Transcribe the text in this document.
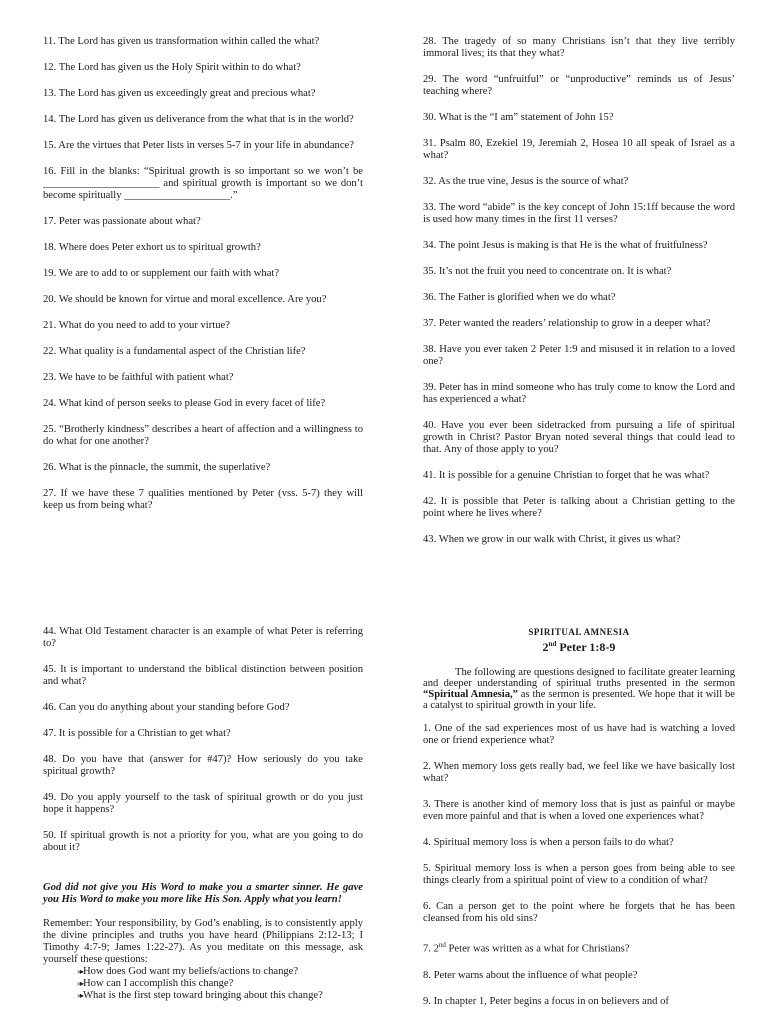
11. The Lord has given us transformation within called the what?

12. The Lord has given us the Holy Spirit within to do what?

13. The Lord has given us exceedingly great and precious what?

14. The Lord has given us deliverance from the what that is in the world?

15. Are the virtues that Peter lists in verses 5-7 in your life in abundance?

16. Fill in the blanks: “Spiritual growth is so important so we won’t be ______________________ and spiritual growth is important so we don’t become spiritually ____________________.”

17. Peter was passionate about what?

18. Where does Peter exhort us to spiritual growth?

19. We are to add to or supplement our faith with what?

20. We should be known for virtue and moral excellence. Are you?

21. What do you need to add to your virtue?

22. What quality is a fundamental aspect of the Christian life?

23. We have to be faithful with patient what?

24. What kind of person seeks to please God in every facet of life?

25. “Brotherly kindness” describes a heart of affection and a willingness to do what for one another?

26. What is the pinnacle, the summit, the superlative?

27. If we have these 7 qualities mentioned by Peter (vss. 5-7) they will keep us from being what?

28. The tragedy of so many Christians isn’t that they live terribly immoral lives; its that they what?

29. The word “unfruitful” or “unproductive” reminds us of Jesus’ teaching where?

30. What is the “I am” statement of John 15?

31. Psalm 80, Ezekiel 19, Jeremiah 2, Hosea 10 all speak of Israel as a what?

32. As the true vine, Jesus is the source of what?

33. The word “abide” is the key concept of John 15:1ff because the word is used how many times in the first 11 verses?

34. The point Jesus is making is that He is the what of fruitfulness?

35. It’s not the fruit you need to concentrate on. It is what?

36. The Father is glorified when we do what?

37. Peter wanted the readers’ relationship to grow in a deeper what?

38. Have you ever taken 2 Peter 1:9 and misused it in relation to a loved one?

39. Peter has in mind someone who has truly come to know the Lord and has experienced a what?

40. Have you ever been sidetracked from pursuing a life of spiritual growth in Christ? Pastor Bryan noted several things that could lead to that. Any of those apply to you?

41. It is possible for a genuine Christian to forget that he was what?

42. It is possible that Peter is talking about a Christian getting to the point where he lives where?

43. When we grow in our walk with Christ, it gives us what?

44. What Old Testament character is an example of what Peter is referring to?

45. It is important to understand the biblical distinction between position and what?

46. Can you do anything about your standing before God?

47. It is possible for a Christian to get what?

48. Do you have that (answer for #47)? How seriously do you take spiritual growth?

49. Do you apply yourself to the task of spiritual growth or do you just hope it happens?

50. If spiritual growth is not a priority for you, what are you going to do about it?

God did not give you His Word to make you a smarter sinner. He gave you His Word to make you more like His Son. Apply what you learn!

Remember: Your responsibility, by God’s enabling, is to consistently apply the divine principles and truths you have heard (Philippians 2:12-13; I Timothy 4:7-9; James 1:22-27). As you meditate on this message, ask yourself these questions:

»▸ How does God want my beliefs/actions to change?
»▸ How can I accomplish this change?
»▸ What is the first step toward bringing about this change?

SPIRITUAL AMNESIA

2nd Peter 1:8-9

The following are questions designed to facilitate greater learning and deeper understanding of spiritual truths presented in the sermon “Spiritual Amnesia,” as the sermon is presented. We hope that it will be a catalyst to spiritual growth in your life.

1. One of the sad experiences most of us have had is watching a loved one or friend experience what?

2. When memory loss gets really bad, we feel like we have basically lost what?

3. There is another kind of memory loss that is just as painful or maybe even more painful and that is when a loved one experiences what?

4. Spiritual memory loss is when a person fails to do what?

5. Spiritual memory loss is when a person goes from being able to see things clearly from a spiritual point of view to a condition of what?

6. Can a person get to the point where he forgets that he has been cleansed from his old sins?

7. 2nd Peter was written as a what for Christians?

8. Peter warns about the influence of what people?

9. In chapter 1, Peter begins a focus in on believers and of
